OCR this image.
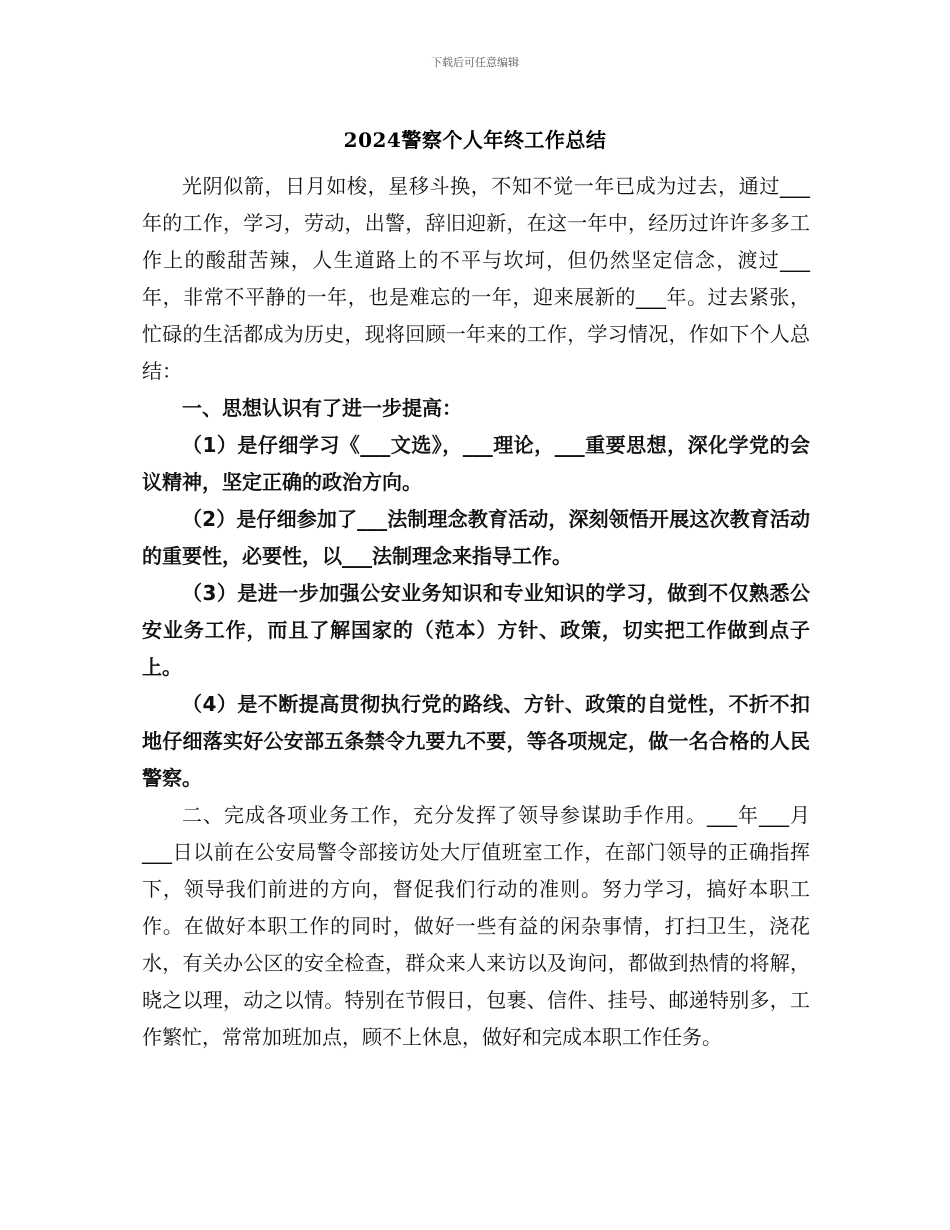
下载后可任意编辑
2024警察个人年终工作总结

光阴似箭，日月如梭，星移斗换，不知不觉一年已成为过去，通过___年的工作，学习，劳动，出警，辞旧迎新，在这一年中，经历过许许多多工作上的酸甜苦辣，人生道路上的不平与坎坷，但仍然坚定信念，渡过___年，非常不平静的一年，也是难忘的一年，迎来展新的___年。过去紧张，忙碌的生活都成为历史，现将回顾一年来的工作，学习情况，作如下个人总结：

一、思想认识有了进一步提高：

（1）是仔细学习《___文选》，___理论，___重要思想，深化学党的会议精神，坚定正确的政治方向。

（2）是仔细参加了___法制理念教育活动，深刻领悟开展这次教育活动的重要性，必要性，以___法制理念来指导工作。

（3）是进一步加强公安业务知识和专业知识的学习，做到不仅熟悉公安业务工作，而且了解国家的（范本）方针、政策，切实把工作做到点子上。

（4）是不断提高贯彻执行党的路线、方针、政策的自觉性，不折不扣地仔细落实好公安部五条禁令九要九不要，等各项规定，做一名合格的人民警察。

二、完成各项业务工作，充分发挥了领导参谋助手作用。___年___月___日以前在公安局警令部接访处大厅值班室工作，在部门领导的正确指挥下，领导我们前进的方向，督促我们行动的准则。努力学习，搞好本职工作。在做好本职工作的同时，做好一些有益的闲杂事情，打扫卫生，浇花水，有关办公区的安全检查，群众来人来访以及询问，都做到热情的将解，晓之以理，动之以情。特别在节假日，包裹、信件、挂号、邮递特别多，工作繁忙，常常加班加点，顾不上休息，做好和完成本职工作任务。
